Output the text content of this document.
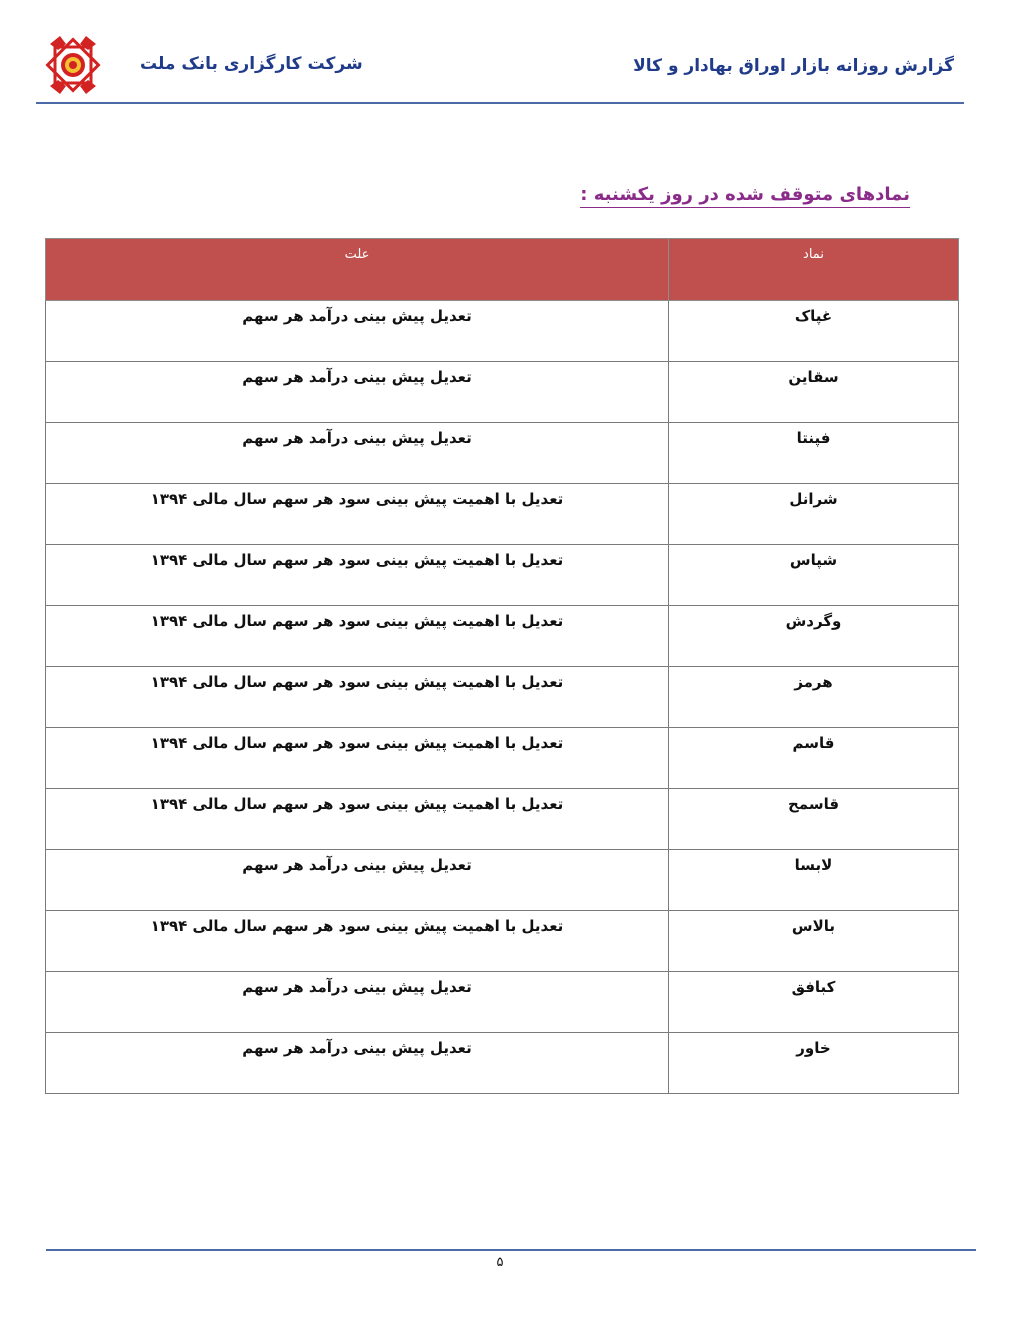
شرکت کارگزاری بانک ملت	گزارش روزانه بازار اوراق بهادار و کالا
نمادهای متوقف شده در روز یکشنبه :
نماد	علت
غپاک	تعدیل پیش بینی درآمد هر سهم
سقاین	تعدیل پیش بینی درآمد هر سهم
فپنتا	تعدیل پیش بینی درآمد هر سهم
شرانل	تعدیل با اهمیت پیش بینی سود هر سهم سال مالی ۱۳۹۴
شپاس	تعدیل با اهمیت پیش بینی سود هر سهم سال مالی ۱۳۹۴
وگردش	تعدیل با اهمیت پیش بینی سود هر سهم سال مالی ۱۳۹۴
هرمز	تعدیل با اهمیت پیش بینی سود هر سهم سال مالی ۱۳۹۴
قاسم	تعدیل با اهمیت پیش بینی سود هر سهم سال مالی ۱۳۹۴
قاسمح	تعدیل با اهمیت پیش بینی سود هر سهم سال مالی ۱۳۹۴
لابسا	تعدیل پیش بینی درآمد هر سهم
بالاس	تعدیل با اهمیت پیش بینی سود هر سهم سال مالی ۱۳۹۴
کبافق	تعدیل پیش بینی درآمد هر سهم
خاور	تعدیل پیش بینی درآمد هر سهم
۵
